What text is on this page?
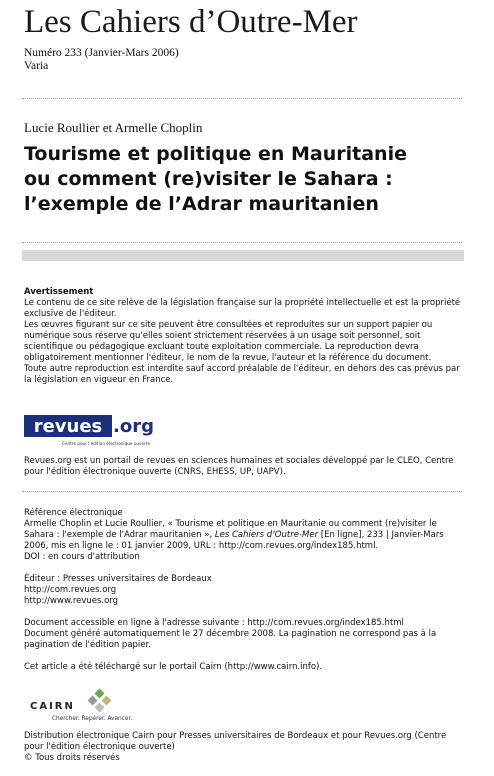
Les Cahiers d’Outre-Mer
Numéro 233 (Janvier-Mars 2006)
Varia
Lucie Roullier et Armelle Choplin
Tourisme et politique en Mauritanie
ou comment (re)visiter le Sahara :
l’exemple de l’Adrar mauritanien

Avertissement

Le contenu de ce site relève de la législation française sur la propriété intellectuelle et est la propriété exclusive de l'éditeur.

Les œuvres figurant sur ce site peuvent être consultées et reproduites sur un support papier ou numérique sous réserve qu'elles soient strictement réservées à un usage soit personnel, soit scientifique ou pédagogique excluant toute exploitation commerciale. La reproduction devra obligatoirement mentionner l'éditeur, le nom de la revue, l'auteur et la référence du document.

Toute autre reproduction est interdite sauf accord préalable de l'éditeur, en dehors des cas prévus par la législation en vigueur en France.

revues .org
Centre pour l'édition électronique ouverte
Revues.org est un portail de revues en sciences humaines et sociales développé par le CLEO, Centre pour l'édition électronique ouverte (CNRS, EHESS, UP, UAPV).

Référence électronique

Armelle Choplin et Lucie Roullier, « Tourisme et politique en Mauritanie ou comment (re)visiter le Sahara : l'exemple de l'Adrar mauritanien », Les Cahiers d’Outre-Mer [En ligne], 233 | Janvier-Mars 2006, mis en ligne le : 01 janvier 2009, URL : http://com.revues.org/index185.html.

DOI : en cours d'attribution

Éditeur : Presses universitaires de Bordeaux

http://com.revues.org

http://www.revues.org

Document accessible en ligne à l'adresse suivante : http://com.revues.org/index185.html

Document généré automatiquement le 27 décembre 2008. La pagination ne correspond pas à la pagination de l'édition papier.

Cet article a été téléchargé sur le portail Cairn (http://www.cairn.info).

CAIRN
Chercher. Repérer. Avancer.

Distribution électronique Cairn pour Presses universitaires de Bordeaux et pour Revues.org (Centre pour l'édition électronique ouverte)

© Tous droits réservés
